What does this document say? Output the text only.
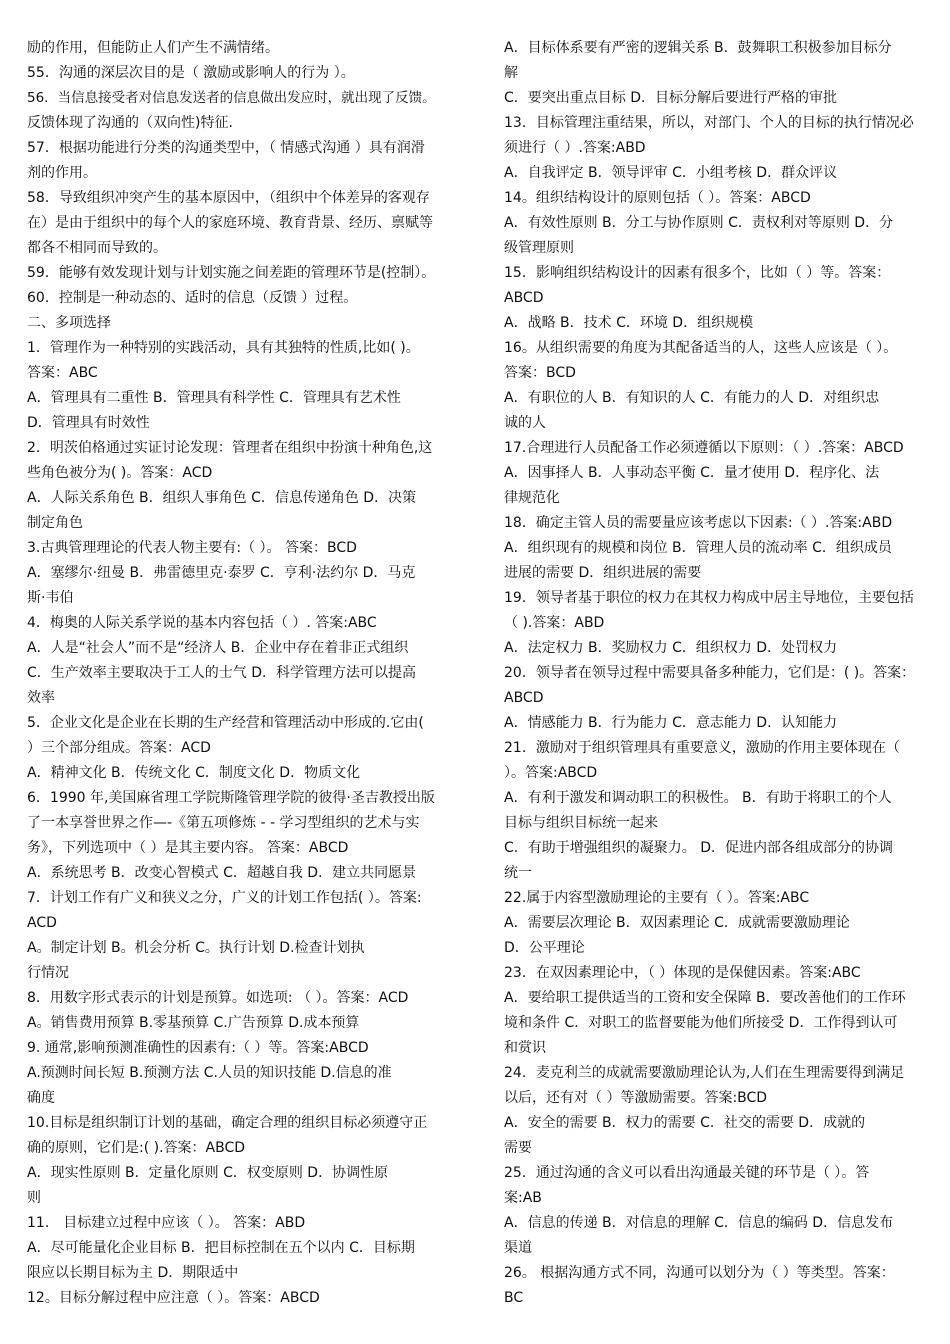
励的作用，但能防止人们产生不满情绪。
55．沟通的深层次目的是（ 激励或影响人的行为 ）。
56．当信息接受者对信息发送者的信息做出发应时，就出现了反馈。
反馈体现了沟通的（双向性)特征.
57．根据功能进行分类的沟通类型中，（ 情感式沟通 ）具有润滑
剂的作用。
58．导致组织冲突产生的基本原因中，（组织中个体差异的客观存
在）是由于组织中的每个人的家庭环境、教育背景、经历、禀赋等
都各不相同而导致的。
59．能够有效发现计划与计划实施之间差距的管理环节是(控制）。
60．控制是一种动态的、适时的信息（反馈 ）过程。
二、多项选择
1．管理作为一种特别的实践活动，具有其独特的性质,比如( )。
答案：ABC
A．管理具有二重性 B．管理具有科学性 C．管理具有艺术性
D．管理具有时效性
2．明茨伯格通过实证讨论发现：管理者在组织中扮演十种角色,这
些角色被分为( )。答案：ACD
A．人际关系角色 B．组织人事角色 C．信息传递角色 D．决策
制定角色
3.古典管理理论的代表人物主要有:（ ）。 答案：BCD
A．塞缪尔·纽曼 B．弗雷德里克·泰罗 C．亨利·法约尔 D．马克
斯·韦伯
4．梅奥的人际关系学说的基本内容包括（ ）. 答案:ABC
A．人是“社会人”而不是“经济人 B．企业中存在着非正式组织
C．生产效率主要取决于工人的士气 D．科学管理方法可以提高
效率
5．企业文化是企业在长期的生产经营和管理活动中形成的.它由(
）三个部分组成。答案：ACD
A．精神文化 B．传统文化 C．制度文化 D．物质文化
6．1990 年,美国麻省理工学院斯隆管理学院的彼得·圣吉教授出版
了一本享誉世界之作—-《第五项修炼 - - 学习型组织的艺术与实
务》，下列选项中（ ）是其主要内容。 答案：ABCD
A．系统思考 B．改变心智模式 C．超越自我 D．建立共同愿景
7．计划工作有广义和狭义之分，广义的计划工作包括( ）。答案:
ACD
A。制定计划 B。机会分析 C。执行计划 D.检查计划执
行情况
8．用数字形式表示的计划是预算。如选项: （ ）。答案：ACD
A。销售费用预算 B.零基预算 C.广告预算 D.成本预算
9. 通常,影响预测准确性的因素有:（ ）等。答案:ABCD
A.预测时间长短 B.预测方法 C.人员的知识技能 D.信息的准
确度
10.目标是组织制订计划的基础，确定合理的组织目标必须遵守正
确的原则，它们是:( ).答案：ABCD
A．现实性原则 B．定量化原则 C．权变原则 D．协调性原
则
11． 目标建立过程中应该（ ）。 答案：ABD
A．尽可能量化企业目标 B．把目标控制在五个以内 C．目标期
限应以长期目标为主 D．期限适中
12。目标分解过程中应注意（ ）。答案：ABCD
A．目标体系要有严密的逻辑关系 B．鼓舞职工积极参加目标分
解
C．要突出重点目标 D．目标分解后要进行严格的审批
13．目标管理注重结果，所以，对部门、个人的目标的执行情况必
须进行（ ）.答案:ABD
A．自我评定 B．领导评审 C．小组考核 D．群众评议
14。组织结构设计的原则包括（ ）。答案：ABCD
A．有效性原则 B．分工与协作原则 C．责权利对等原则 D．分
级管理原则
15．影响组织结构设计的因素有很多个，比如（ ）等。答案：
ABCD
A．战略 B．技术 C．环境 D．组织规模
16。从组织需要的角度为其配备适当的人，这些人应该是（ ）。
答案：BCD
A．有职位的人 B．有知识的人 C．有能力的人 D．对组织忠
诚的人
17.合理进行人员配备工作必须遵循以下原则：（ ）.答案：ABCD
A．因事择人 B．人事动态平衡 C．量才使用 D．程序化、法
律规范化
18．确定主管人员的需要量应该考虑以下因素:（ ）.答案:ABD
A．组织现有的规模和岗位 B．管理人员的流动率 C．组织成员
进展的需要 D．组织进展的需要
19．领导者基于职位的权力在其权力构成中居主导地位，主要包括
（ ).答案：ABD
A．法定权力 B．奖励权力 C．组织权力 D．处罚权力
20．领导者在领导过程中需要具备多种能力，它们是：( )。答案：
ABCD
A．情感能力 B．行为能力 C．意志能力 D．认知能力
21．激励对于组织管理具有重要意义，激励的作用主要体现在（
）。答案:ABCD
A．有利于激发和调动职工的积极性。 B．有助于将职工的个人
目标与组织目标统一起来
C．有助于增强组织的凝聚力。 D．促进内部各组成部分的协调
统一
22.属于内容型激励理论的主要有（ ）。答案:ABC
A．需要层次理论 B．双因素理论 C．成就需要激励理论
D．公平理论
23．在双因素理论中，（ ）体现的是保健因素。答案:ABC
A．要给职工提供适当的工资和安全保障 B．要改善他们的工作环
境和条件 C．对职工的监督要能为他们所接受 D．工作得到认可
和赏识
24．麦克利兰的成就需要激励理论认为,人们在生理需要得到满足
以后，还有对（ ）等激励需要。答案:BCD
A．安全的需要 B．权力的需要 C．社交的需要 D．成就的
需要
25．通过沟通的含义可以看出沟通最关键的环节是（ ）。答
案:AB
A．信息的传递 B．对信息的理解 C．信息的编码 D．信息发布
渠道
26。 根据沟通方式不同，沟通可以划分为（ ）等类型。答案：
BC
